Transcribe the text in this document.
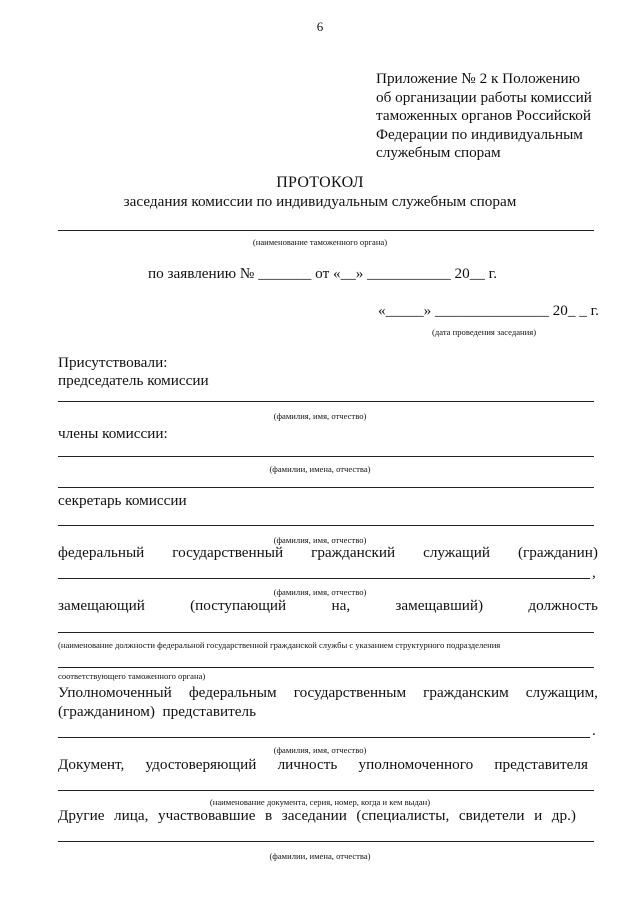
6
Приложение № 2 к Положению
об организации работы комиссий
таможенных органов Российской
Федерации по индивидуальным
служебным спорам
ПРОТОКОЛ
заседания комиссии по индивидуальным служебным спорам
(наименование таможенного органа)
по заявлению № _______ от «__» ___________ 20__ г.
«_____» _______________ 20_ _ г.
(дата проведения заседания)
Присутствовали:
председатель комиссии
(фамилия, имя, отчество)
члены комиссии:
(фамилии, имена, отчества)
секретарь комиссии
(фамилия, имя, отчество)
федеральный государственный гражданский служащий (гражданин)
,
(фамилия, имя, отчество)
замещающий	(поступающий	на,	замещавший)	должность
(наименование должности федеральной государственной гражданской службы с указанием структурного подразделения
соответствующего таможенного органа)
Уполномоченный федеральным государственным гражданским служащим,
(гражданином)  представитель
.
(фамилия, имя, отчество)
Документ, удостоверяющий личность уполномоченного представителя
(наименование документа, серия, номер, когда и кем выдан)
Другие лица, участвовавшие в заседании (специалисты, свидетели и др.)
(фамилии, имена, отчества)
